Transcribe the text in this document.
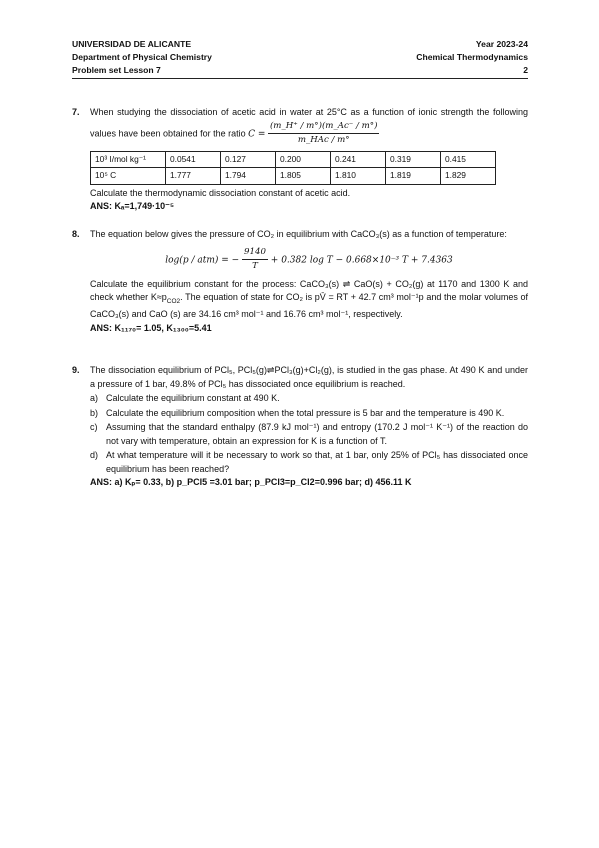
UNIVERSIDAD DE ALICANTE	Year 2023-24
Department of Physical Chemistry	Chemical Thermodynamics
Problem set Lesson 7	2
7. When studying the dissociation of acetic acid in water at 25°C as a function of ionic strength the following values have been obtained for the ratio $C = \frac{(m\_H^+ / m^\circ)(m\_Ac^- / m^\circ)}{\text{m\_HAc / m°}}$
10³ I/mol kg⁻¹	0.0541	0.127	0.200	0.241	0.319	0.415
10⁵ C	1.777	1.794	1.805	1.810	1.819	1.829
Calculate the thermodynamic dissociation constant of acetic acid.
ANS: Kₐ=1,749·10⁻⁵
8. The equation below gives the pressure of CO₂ in equilibrium with CaCO₃(s) as a function of temperature:
log(p / atm) = − $\frac{9140}{T} + 0.382$ log T − 0.668×10⁻³ T + 7.4363
Calculate the equilibrium constant for the process: CaCO₃(s) ⇌ CaO(s) + CO₂(g) at 1170 and 1300 K and check whether $K\approx p_{CO2}$. The equation of state for CO₂ is pV̄ = RT + 42.7 cm³ mol⁻¹p and the molar volumes of CaCO₃(s) and CaO (s) are 34.16 cm³ mol⁻¹ and 16.76 cm³ mol⁻¹, respectively.
ANS: K₁₁₇₀= 1.05, K₁₃₀₀=5.41
9. The dissociation equilibrium of PCl₅, PCl₅(g)⇌PCl₃(g)+Cl₂(g), is studied in the gas phase. At 490 K and under a pressure of 1 bar, 49.8% of PCl₅ has dissociated once equilibrium is reached.
a) Calculate the equilibrium constant at 490 K.
b) Calculate the equilibrium composition when the total pressure is 5 bar and the temperature is 490 K.
c) Assuming that the standard enthalpy (87.9 kJ mol⁻¹) and entropy (170.2 J mol⁻¹ K⁻¹) of the reaction do not vary with temperature, obtain an expression for K is a function of T.
d) At what temperature will it be necessary to work so that, at 1 bar, only 25% of PCl₅ has dissociated once equilibrium has been reached?
ANS: a) Kₚ= 0.33, b) p_PCl5 =3.01 bar; p_PCl3=p_Cl2=0.996 bar; d) 456.11 K
